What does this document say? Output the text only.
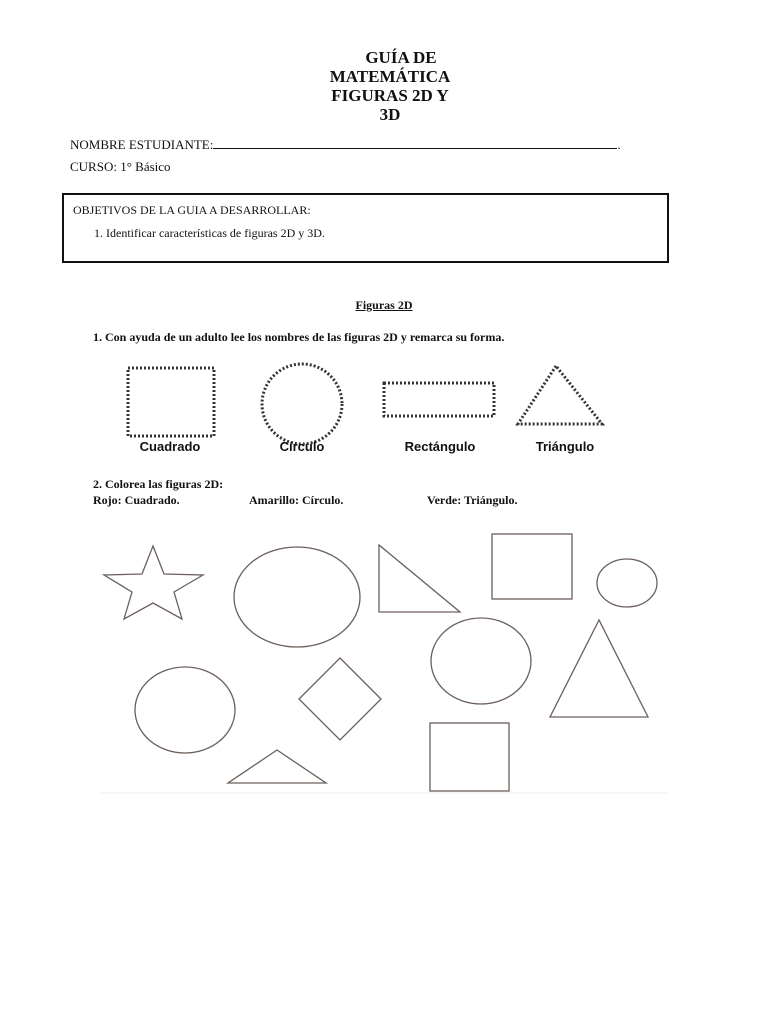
GUÍA DE
MATEMÁTICA
FIGURAS 2D Y
3D
NOMBRE ESTUDIANTE:	.
CURSO: 1° Básico
OBJETIVOS DE LA GUIA A DESARROLLAR:
1. Identificar características de figuras 2D y 3D.
Figuras 2D
1. Con ayuda de un adulto lee los nombres de las figuras 2D y remarca su forma.
Cuadrado	Círculo	Rectángulo	Triángulo
2. Colorea las figuras 2D:
Rojo: Cuadrado.	Amarillo: Círculo.	Verde: Triángulo.
